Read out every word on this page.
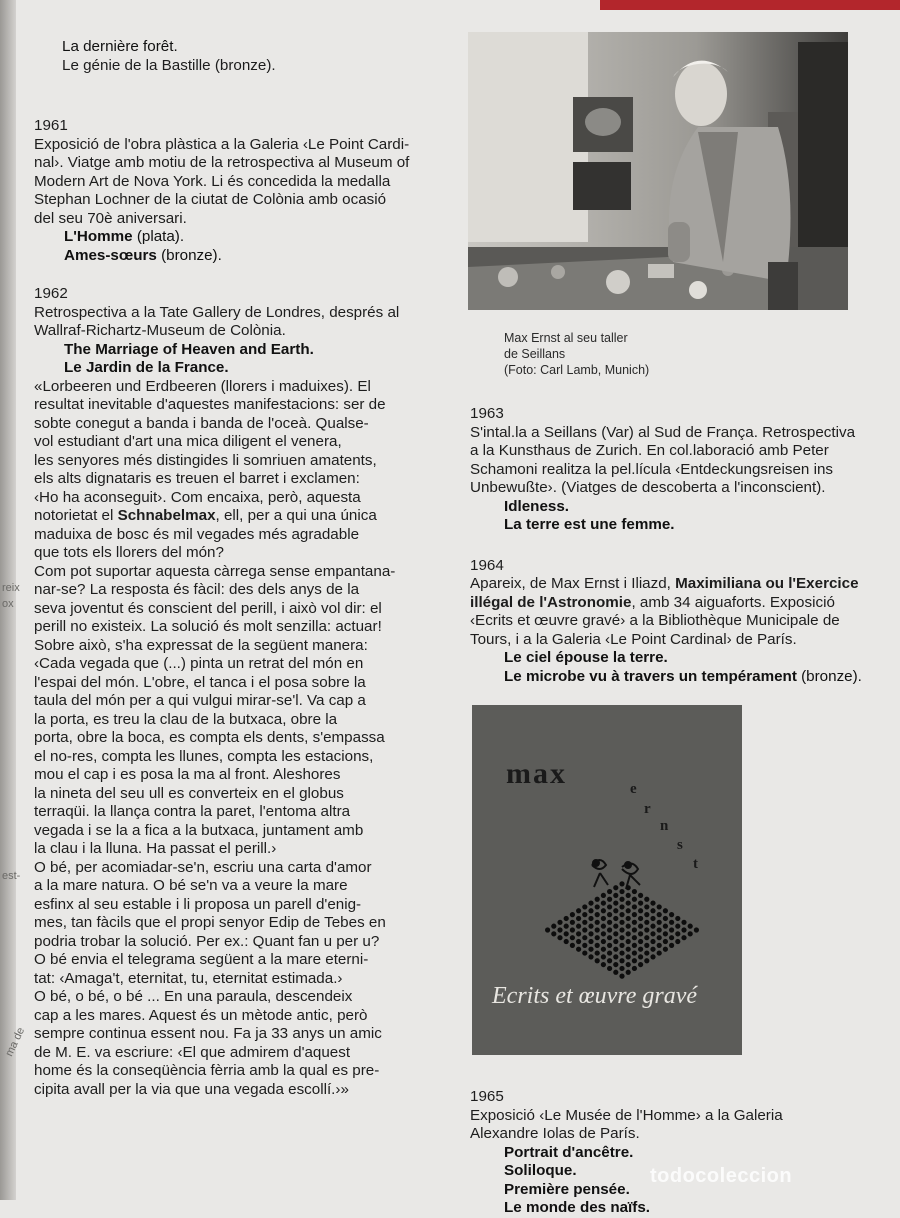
reix
ox
est-
ma de

La dernière forêt.

Le génie de la Bastille (bronze).

1961

Exposició de l'obra plàstica a la Galeria ‹Le Point Cardi-

nal›. Viatge amb motiu de la retrospectiva al Museum of

Modern Art de Nova York. Li és concedida la medalla

Stephan Lochner de la ciutat de Colònia amb ocasió

del seu 70è aniversari.

L'Homme (plata).

Ames-sœurs (bronze).

1962

Retrospectiva a la Tate Gallery de Londres, després al

Wallraf-Richartz-Museum de Colònia.

The Marriage of Heaven and Earth.

Le Jardin de la France.

«Lorbeeren und Erdbeeren (llorers i maduixes). El

resultat inevitable d'aquestes manifestacions: ser de

sobte conegut a banda i banda de l'oceà. Qualse-

vol estudiant d'art una mica diligent el venera,

les senyores més distingides li somriuen amatents,

els alts dignataris es treuen el barret i exclamen:

‹Ho ha aconseguit›. Com encaixa, però, aquesta

notorietat el Schnabelmax, ell, per a qui una única

maduixa de bosc és mil vegades més agradable

que tots els llorers del món?

Com pot suportar aquesta càrrega sense empantana-

nar-se? La resposta és fàcil: des dels anys de la

seva joventut és conscient del perill, i això vol dir: el

perill no existeix. La solució és molt senzilla: actuar!

Sobre això, s'ha expressat de la següent manera:

‹Cada vegada que (...) pinta un retrat del món en

l'espai del món. L'obre, el tanca i el posa sobre la

taula del món per a qui vulgui mirar-se'l. Va cap a

la porta, es treu la clau de la butxaca, obre la

porta, obre la boca, es compta els dents, s'empassa

el no-res, compta les llunes, compta les estacions,

mou el cap i es posa la ma al front. Aleshores

la nineta del seu ull es converteix en el globus

terraqüi. la llança contra la paret, l'entoma altra

vegada i se la a fica a la butxaca, juntament amb

la clau i la lluna. Ha passat el perill.›

O bé, per acomiadar-se'n, escriu una carta d'amor

a la mare natura. O bé se'n va a veure la mare

esfinx al seu estable i li proposa un parell d'enig-

mes, tan fàcils que el propi senyor Edip de Tebes en

podria trobar la solució. Per ex.: Quant fan u per u?

O bé envia el telegrama següent a la mare eterni-

tat: ‹Amaga't, eternitat, tu, eternitat estimada.›

O bé, o bé, o bé ... En una paraula, descendeix

cap a les mares. Aquest és un mètode antic, però

sempre continua essent nou. Fa ja 33 anys un amic

de M. E. va escriure: ‹El que admirem d'aquest

home és la conseqüència fèrria amb la qual es pre-

cipita avall per la via que una vegada escollí.›»

Max Ernst al seu taller
de Seillans
(Foto: Carl Lamb, Munich)

1963

S'intal.la a Seillans (Var) al Sud de França. Retrospectiva

a la Kunsthaus de Zurich. En col.laboració amb Peter

Schamoni realitza la pel.lícula ‹Entdeckungsreisen ins

Unbewußte›. (Viatges de descoberta a l'inconscient).

Idleness.

La terre est une femme.

1964

Apareix, de Max Ernst i Iliazd, Maximiliana ou l'Exercice

illégal de l'Astronomie, amb 34 aiguaforts. Exposició

‹Ecrits et œuvre gravé› a la Bibliothèque Municipale de

Tours, i a la Galeria ‹Le Point Cardinal› de París.

Le ciel épouse la terre.

Le microbe vu à travers un tempérament (bronze).

max	e
r
n
s
t
Ecrits et œuvre gravé

1965

Exposició ‹Le Musée de l'Homme› a la Galeria

Alexandre Iolas de París.

Portrait d'ancêtre.

Soliloque.

Première pensée.

Le monde des naïfs.

todocoleccion
